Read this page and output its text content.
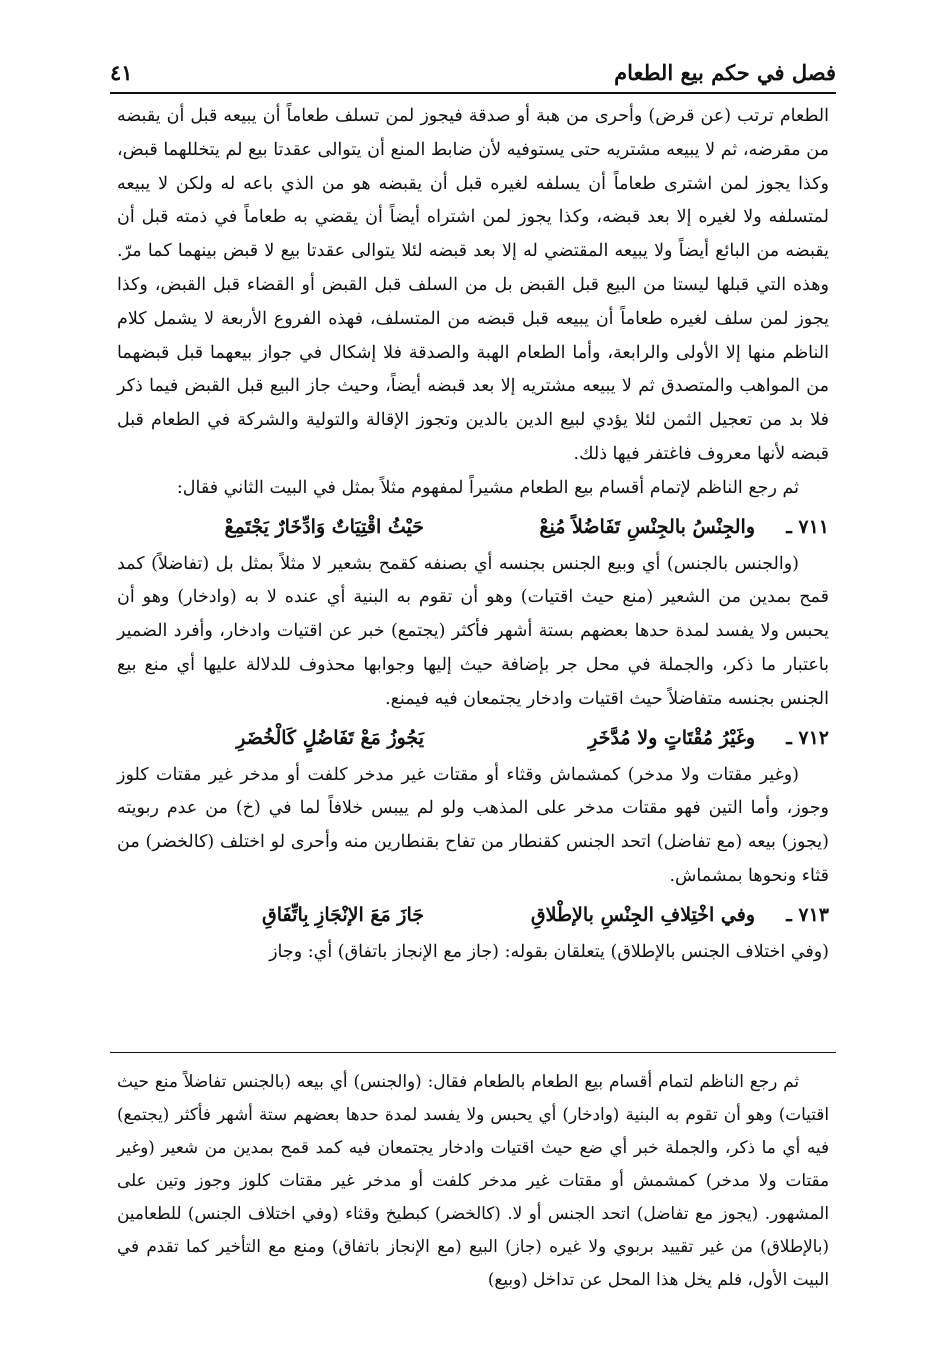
فصل في حكم بيع الطعام
٤١

الطعام ترتب (عن قرض) وأحرى من هبة أو صدقة فيجوز لمن تسلف طعاماً أن يبيعه قبل أن يقبضه من مقرضه، ثم لا يبيعه مشتريه حتى يستوفيه لأن ضابط المنع أن يتوالى عقدتا بيع لم يتخللهما قبض، وكذا يجوز لمن اشترى طعاماً أن يسلفه لغيره قبل أن يقبضه هو من الذي باعه له ولكن لا يبيعه لمتسلفه ولا لغيره إلا بعد قبضه، وكذا يجوز لمن اشتراه أيضاً أن يقضي به طعاماً في ذمته قبل أن يقبضه من البائع أيضاً ولا يبيعه المقتضي له إلا بعد قبضه لئلا يتوالى عقدتا بيع لا قبض بينهما كما مرّ. وهذه التي قبلها ليستا من البيع قبل القبض بل من السلف قبل القبض أو القضاء قبل القبض، وكذا يجوز لمن سلف لغيره طعاماً أن يبيعه قبل قبضه من المتسلف، فهذه الفروع الأربعة لا يشمل كلام الناظم منها إلا الأولى والرابعة، وأما الطعام الهبة والصدقة فلا إشكال في جواز بيعهما قبل قبضهما من المواهب والمتصدق ثم لا يبيعه مشتريه إلا بعد قبضه أيضاً، وحيث جاز البيع قبل القبض فيما ذكر فلا بد من تعجيل الثمن لئلا يؤدي لبيع الدين بالدين وتجوز الإقالة والتولية والشركة في الطعام قبل قبضه لأنها معروف فاغتفر فيها ذلك.

ثم رجع الناظم لإتمام أقسام بيع الطعام مشيراً لمفهوم مثلاً بمثل في البيت الثاني فقال:

٧١١ ـ
والجِنْسُ بالجِنْسِ تَفَاضُلاً مُنِعْ
حَيْثُ اقْتِيَاتٌ وَادِّخَارٌ يَجْتَمِعْ

(والجنس بالجنس) أي وبيع الجنس بجنسه أي بصنفه كقمح بشعير لا مثلاً بمثل بل (تفاضلاً) كمد قمح بمدين من الشعير (منع حيث اقتيات) وهو أن تقوم به البنية أي عنده لا به (وادخار) وهو أن يحبس ولا يفسد لمدة حدها بعضهم بستة أشهر فأكثر (يجتمع) خبر عن اقتيات وادخار، وأفرد الضمير باعتبار ما ذكر، والجملة في محل جر بإضافة حيث إليها وجوابها محذوف للدلالة عليها أي منع بيع الجنس بجنسه متفاضلاً حيث اقتيات وادخار يجتمعان فيه فيمنع.

٧١٢ ـ
وغَيْرُ مُقْتَاتٍ ولا مُدَّخَرِ
يَجُوزُ مَعْ تَفَاضُلٍ كَالْخُضَرِ

(وغير مقتات ولا مدخر) كمشماش وقثاء أو مقتات غير مدخر كلفت أو مدخر غير مقتات كلوز وجوز، وأما التين فهو مقتات مدخر على المذهب ولو لم ييبس خلافاً لما في (خ) من عدم ربويته (يجوز) بيعه (مع تفاضل) اتحد الجنس كقنطار من تفاح بقنطارين منه وأحرى لو اختلف (كالخضر) من قثاء ونحوها بمشماش.

٧١٣ ـ
وفي اخْتِلافِ الجِنْسِ بالإطْلاقِ
جَازَ مَعَ الإنْجَازِ بِاتِّفَاقِ

(وفي اختلاف الجنس بالإطلاق) يتعلقان بقوله: (جاز مع الإنجاز باتفاق) أي: وجاز

ثم رجع الناظم لتمام أقسام بيع الطعام بالطعام فقال: (والجنس) أي بيعه (بالجنس تفاضلاً منع حيث اقتيات) وهو أن تقوم به البنية (وادخار) أي يحبس ولا يفسد لمدة حدها بعضهم ستة أشهر فأكثر (يجتمع) فيه أي ما ذكر، والجملة خبر أي ضع حيث اقتيات وادخار يجتمعان فيه كمد قمح بمدين من شعير (وغير مقتات ولا مدخر) كمشمش أو مقتات غير مدخر كلفت أو مدخر غير مقتات كلوز وجوز وتين على المشهور. (يجوز مع تفاضل) اتحد الجنس أو لا. (كالخضر) كبطيخ وقثاء (وفي اختلاف الجنس) للطعامين (بالإطلاق) من غير تقييد بربوي ولا غيره (جاز) البيع (مع الإنجاز باتفاق) ومنع مع التأخير كما تقدم في البيت الأول، فلم يخل هذا المحل عن تداخل (وبيع)
